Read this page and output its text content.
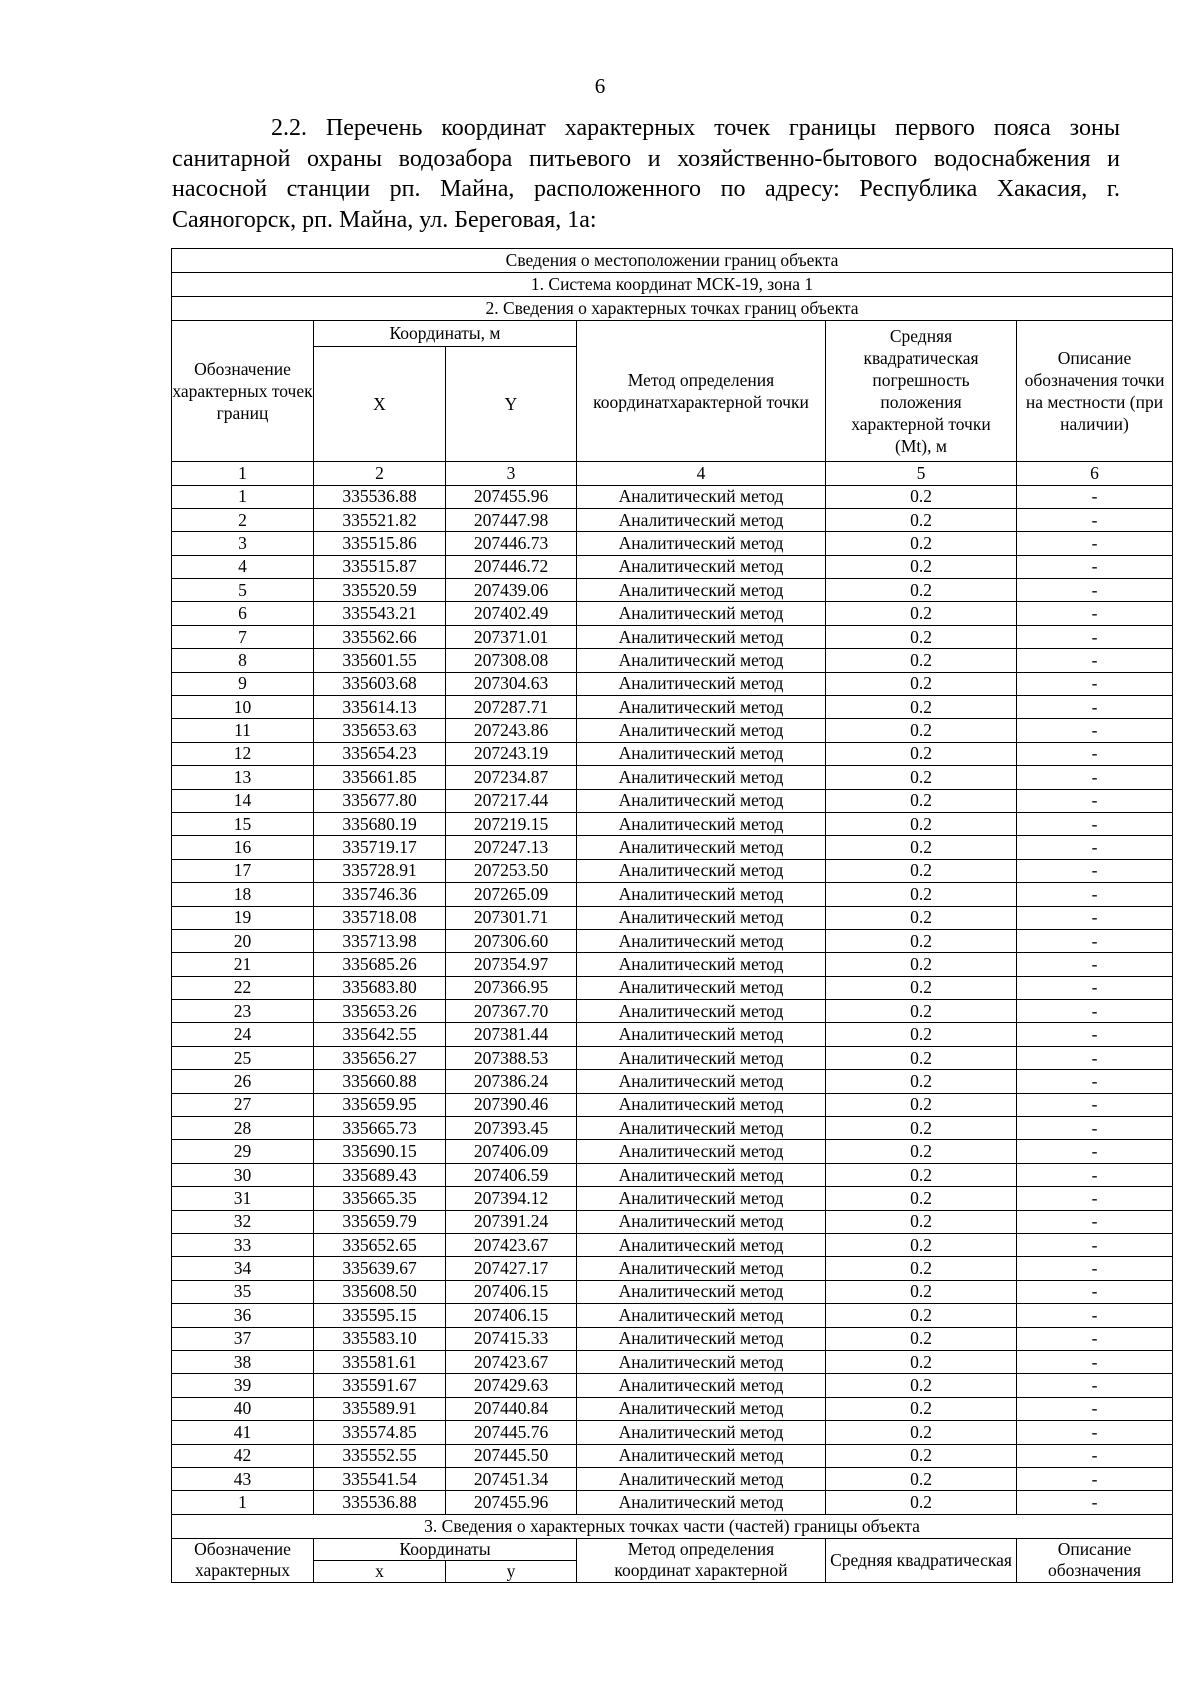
6
2.2. Перечень координат характерных точек границы первого пояса зоны санитарной охраны водозабора питьевого и хозяйственно-бытового водоснабжения и насосной станции рп. Майна, расположенного по адресу: Республика Хакасия, г. Саяногорск, рп. Майна, ул. Береговая, 1а:
Сведения о местоположении границ объекта					
1. Система координат МСК-19, зона 1					
2. Сведения о характерных точках границ объекта					
Обозначение характерных точек границ	Координаты, м		Метод определения координатхарактерной точки	Средняя квадратическая погрешность положения характерной точки (Mt), м	Описание обозначения точки на местности (при наличии)
	X	Y			
1	2	3	4	5	6
1	335536.88	207455.96	Аналитический метод	0.2	-
2	335521.82	207447.98	Аналитический метод	0.2	-
3	335515.86	207446.73	Аналитический метод	0.2	-
4	335515.87	207446.72	Аналитический метод	0.2	-
5	335520.59	207439.06	Аналитический метод	0.2	-
6	335543.21	207402.49	Аналитический метод	0.2	-
7	335562.66	207371.01	Аналитический метод	0.2	-
8	335601.55	207308.08	Аналитический метод	0.2	-
9	335603.68	207304.63	Аналитический метод	0.2	-
10	335614.13	207287.71	Аналитический метод	0.2	-
11	335653.63	207243.86	Аналитический метод	0.2	-
12	335654.23	207243.19	Аналитический метод	0.2	-
13	335661.85	207234.87	Аналитический метод	0.2	-
14	335677.80	207217.44	Аналитический метод	0.2	-
15	335680.19	207219.15	Аналитический метод	0.2	-
16	335719.17	207247.13	Аналитический метод	0.2	-
17	335728.91	207253.50	Аналитический метод	0.2	-
18	335746.36	207265.09	Аналитический метод	0.2	-
19	335718.08	207301.71	Аналитический метод	0.2	-
20	335713.98	207306.60	Аналитический метод	0.2	-
21	335685.26	207354.97	Аналитический метод	0.2	-
22	335683.80	207366.95	Аналитический метод	0.2	-
23	335653.26	207367.70	Аналитический метод	0.2	-
24	335642.55	207381.44	Аналитический метод	0.2	-
25	335656.27	207388.53	Аналитический метод	0.2	-
26	335660.88	207386.24	Аналитический метод	0.2	-
27	335659.95	207390.46	Аналитический метод	0.2	-
28	335665.73	207393.45	Аналитический метод	0.2	-
29	335690.15	207406.09	Аналитический метод	0.2	-
30	335689.43	207406.59	Аналитический метод	0.2	-
31	335665.35	207394.12	Аналитический метод	0.2	-
32	335659.79	207391.24	Аналитический метод	0.2	-
33	335652.65	207423.67	Аналитический метод	0.2	-
34	335639.67	207427.17	Аналитический метод	0.2	-
35	335608.50	207406.15	Аналитический метод	0.2	-
36	335595.15	207406.15	Аналитический метод	0.2	-
37	335583.10	207415.33	Аналитический метод	0.2	-
38	335581.61	207423.67	Аналитический метод	0.2	-
39	335591.67	207429.63	Аналитический метод	0.2	-
40	335589.91	207440.84	Аналитический метод	0.2	-
41	335574.85	207445.76	Аналитический метод	0.2	-
42	335552.55	207445.50	Аналитический метод	0.2	-
43	335541.54	207451.34	Аналитический метод	0.2	-
1	335536.88	207455.96	Аналитический метод	0.2	-
3. Сведения о характерных точках части (частей) границы объекта					
Обозначение характерных	Координаты		Метод определения координат характерной	Средняя квадратическая	Описание обозначения
	x	y			
